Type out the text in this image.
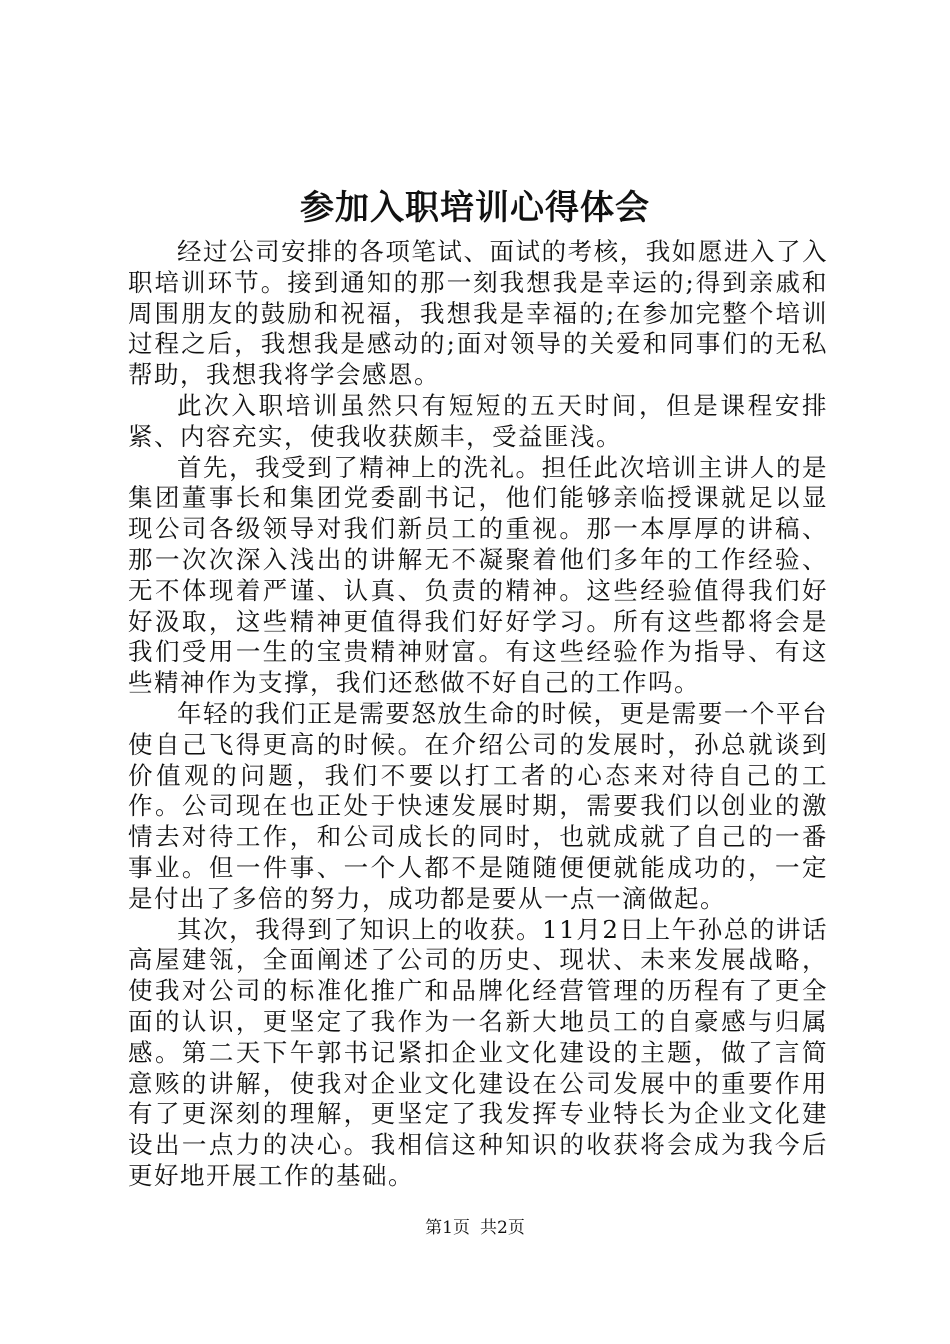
参加入职培训心得体会

经过公司安排的各项笔试、面试的考核，我如愿进入了入职培训环节。接到通知的那一刻我想我是幸运的;得到亲戚和周围朋友的鼓励和祝福，我想我是幸福的;在参加完整个培训过程之后，我想我是感动的;面对领导的关爱和同事们的无私帮助，我想我将学会感恩。

此次入职培训虽然只有短短的五天时间，但是课程安排紧、内容充实，使我收获颇丰，受益匪浅。

首先，我受到了精神上的洗礼。担任此次培训主讲人的是集团董事长和集团党委副书记，他们能够亲临授课就足以显现公司各级领导对我们新员工的重视。那一本厚厚的讲稿、那一次次深入浅出的讲解无不凝聚着他们多年的工作经验、无不体现着严谨、认真、负责的精神。这些经验值得我们好好汲取，这些精神更值得我们好好学习。所有这些都将会是我们受用一生的宝贵精神财富。有这些经验作为指导、有这些精神作为支撑，我们还愁做不好自己的工作吗。

年轻的我们正是需要怒放生命的时候，更是需要一个平台使自己飞得更高的时候。在介绍公司的发展时，孙总就谈到价值观的问题，我们不要以打工者的心态来对待自己的工作。公司现在也正处于快速发展时期，需要我们以创业的激情去对待工作，和公司成长的同时，也就成就了自己的一番事业。但一件事、一个人都不是随随便便就能成功的，一定是付出了多倍的努力，成功都是要从一点一滴做起。

其次，我得到了知识上的收获。11月2日上午孙总的讲话高屋建瓴，全面阐述了公司的历史、现状、未来发展战略，使我对公司的标准化推广和品牌化经营管理的历程有了更全面的认识，更坚定了我作为一名新大地员工的自豪感与归属感。第二天下午郭书记紧扣企业文化建设的主题，做了言简意赅的讲解，使我对企业文化建设在公司发展中的重要作用有了更深刻的理解，更坚定了我发挥专业特长为企业文化建设出一点力的决心。我相信这种知识的收获将会成为我今后更好地开展工作的基础。

第1页 共2页
